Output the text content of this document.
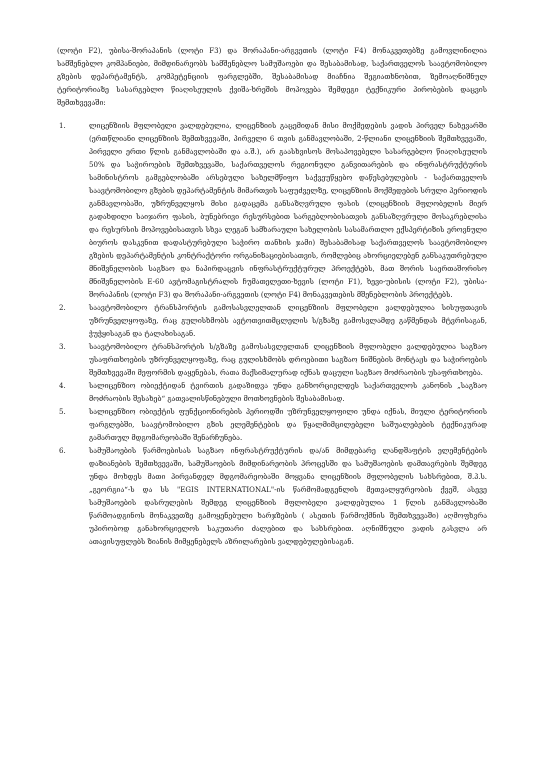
(ლოტი F2), უბისა-შორაპანის (ლოტი F3) და შორაპანი-არგვეთის (ლოტი F4) მონაკვეთებზე გამოვლინილია სამშენებლო კომპანიები, მიმდინარეობს სამშენებლო სამუშაოები და შესაბამისად, საქართველოს საავტომობილო გზების დეპარტამენტს, კომპეტენციის ფარგლებში, შესაბამისად მიაჩნია შეგიათხნობით, ზემოაღნიშნულ ტერიტორიაზე სასარგებლო წიაღისეულის ქვიშა-ხრეშის მოპოვება შემდეგი ტექნიკური პირობების დაცვის შემთხვევაში:

1.	ლიცენზიის მფლობელი ვალდებულია, ლიცენზიის გაცემიდან მისი მოქმედების ვადის პირველ ნახევარში (ერთწლიანი ლიცენზიის შემთხვევაში, პირველი 6 თვის განმავლობაში, 2-წლიანი ლიცენზიის შემთხვევაში, პირველი ერთი წლის განმავლობაში და ა.შ.), არ გაასხვისოს მოსაპოვებელი სასარგებლო წიაღისეულის 50% და საჭიროების შემთხვევაში, საქართველოს რეგიონული განვითარების და ინფრასტრუქტურის სამინისტროს გამგებლობაში არსებული სახელმწიფო საქვეუწყებო დაწესებულების - საქართველოს საავტომობილო გზების დეპარტამენტის მიმართვის საფუძველზე, ლიცენზიის მოქმედების სრული პერიოდის განმავლობაში, უზრუნველყოს მისი გადაცემა განსაზღვრული ფასის (ლიცენზიის მფლობელის მიერ გადახდილი საიჯარო ფასის, ბუნებრივი რესურსებით სარგებლობისათვის განსაზღვრული მოსაკრებლისა და რესურსის მოპოვებისათვის სხვა ლეგან სამხარაული სახელობის სასამართლო ექსპერტიზის ეროვნული ბიუროს დასკვნით დადასტურებული საჭირო თანხის ჯამი) შესაბამისად საქართველოს საავტომობილო გზების დეპარტამენტის კონტრაქტორი ორგანიზაციებისათვის, რომლებიც ახორციელებენ განსაკუთრებული მნიშვნელობის საგზაო და ნაპირდაცვის ინფრასტრუქტურულ პროექტებს, მათ შორის საერთაშორისო მნიშვნელობის E-60 ავტომაგისტრალის ჩუმათელეთი-ხევის (ლოტი F1), ხევი-უბისის (ლოტი F2), უბისა-შორაპანის (ლოტი F3) და შორაპანი-არგვეთის (ლოტი F4) მონაკვეთების მშენებლობის პროექტებს.
2.	საავტომობილო ტრანსპორტის გამოსასვლელთან ლიცენზიის მფლობელი ვალდებულია სისუფთავის უზრუნველყოფაზე, რაც გულისხმობს ავტოთვითმცლელის ს/გზაზე გამოსვლამდე გაწმენდას მტვრისაგან, ჭუჭყისაგან და ტალახისაგან.
3.	საავტომობილო ტრანსპორტის ს/გზაზე გამოსასვლელთან ლიცენზიის მფლობელი ვალდებულია საგზაო უსაფრთხოების უზრუნველყოფაზე, რაც გულისხმობს დროებითი საგზაო ნიშნების მონტაჟს და საჭიროების შემთხვევაში მეფორმის დაყენებას, რათა მაქსიმალურად იქნას დაცული საგზაო მოძრაობის უსაფრთხოება.
4.	სალიცენზიო ობიექტიდან ტვირთის გადაზიდვა უნდა განხორციელდეს საქართველოს კანონის „საგზაო მოძრაობის შესახებ“ გათვალისწინებული მოთხოვნების შესაბამისად.
5.	სალიცენზიო ობიექტის ფუნქციონირების პერიოდში უზრუნველყოფილი უნდა იქნას, მიული ტერიტორიის ფარგლებში, საავტომობილო გზის ელემენტების და წყალმიმცილებელი საშუალებების ტექნიკურად გამართულ მდგომარეობაში შენარჩუნება.
6.	სამუშაოების წარმოებისას საგზაო ინფრასტრუქტურის და/ან მიმდებარე ლანდშაფტის ელემენტების დაზიანების შემთხვევაში, სამუშაოების მიმდინარეობის პროცესში და სამუშაოების დამთავრების შემდეგ უნდა მოხდეს მათი პირვანდელ მდგომარეობაში მოყვანა ლიცენზიის მფლობელის სახსრებით, შ.პ.ს. „გეორგია“-ს და სს "EGIS INTERNATIONAL"-ის წარმომადგენლის მეთვალყურეობის ქვეშ, ასევე სამუშაოების დასრულების შემდეგ ლიცენზიის მფლობელი ვალდებულია 1 წლის განმავლობაში წარმოადგინოს მონაკვეთზე გამოყენებული ხარჯზების ( ასეთის წარმოქმნის შემთხვევაში) აღმოფხვრა უპირობოდ განახორციელოს საკუთარი ძალებით და სახსრებით. აღნიშნული ვადის გასვლა არ ათავისუფლებს ზიანის მიმყენებელს აზრილარების ვალდებულებისაგან.
